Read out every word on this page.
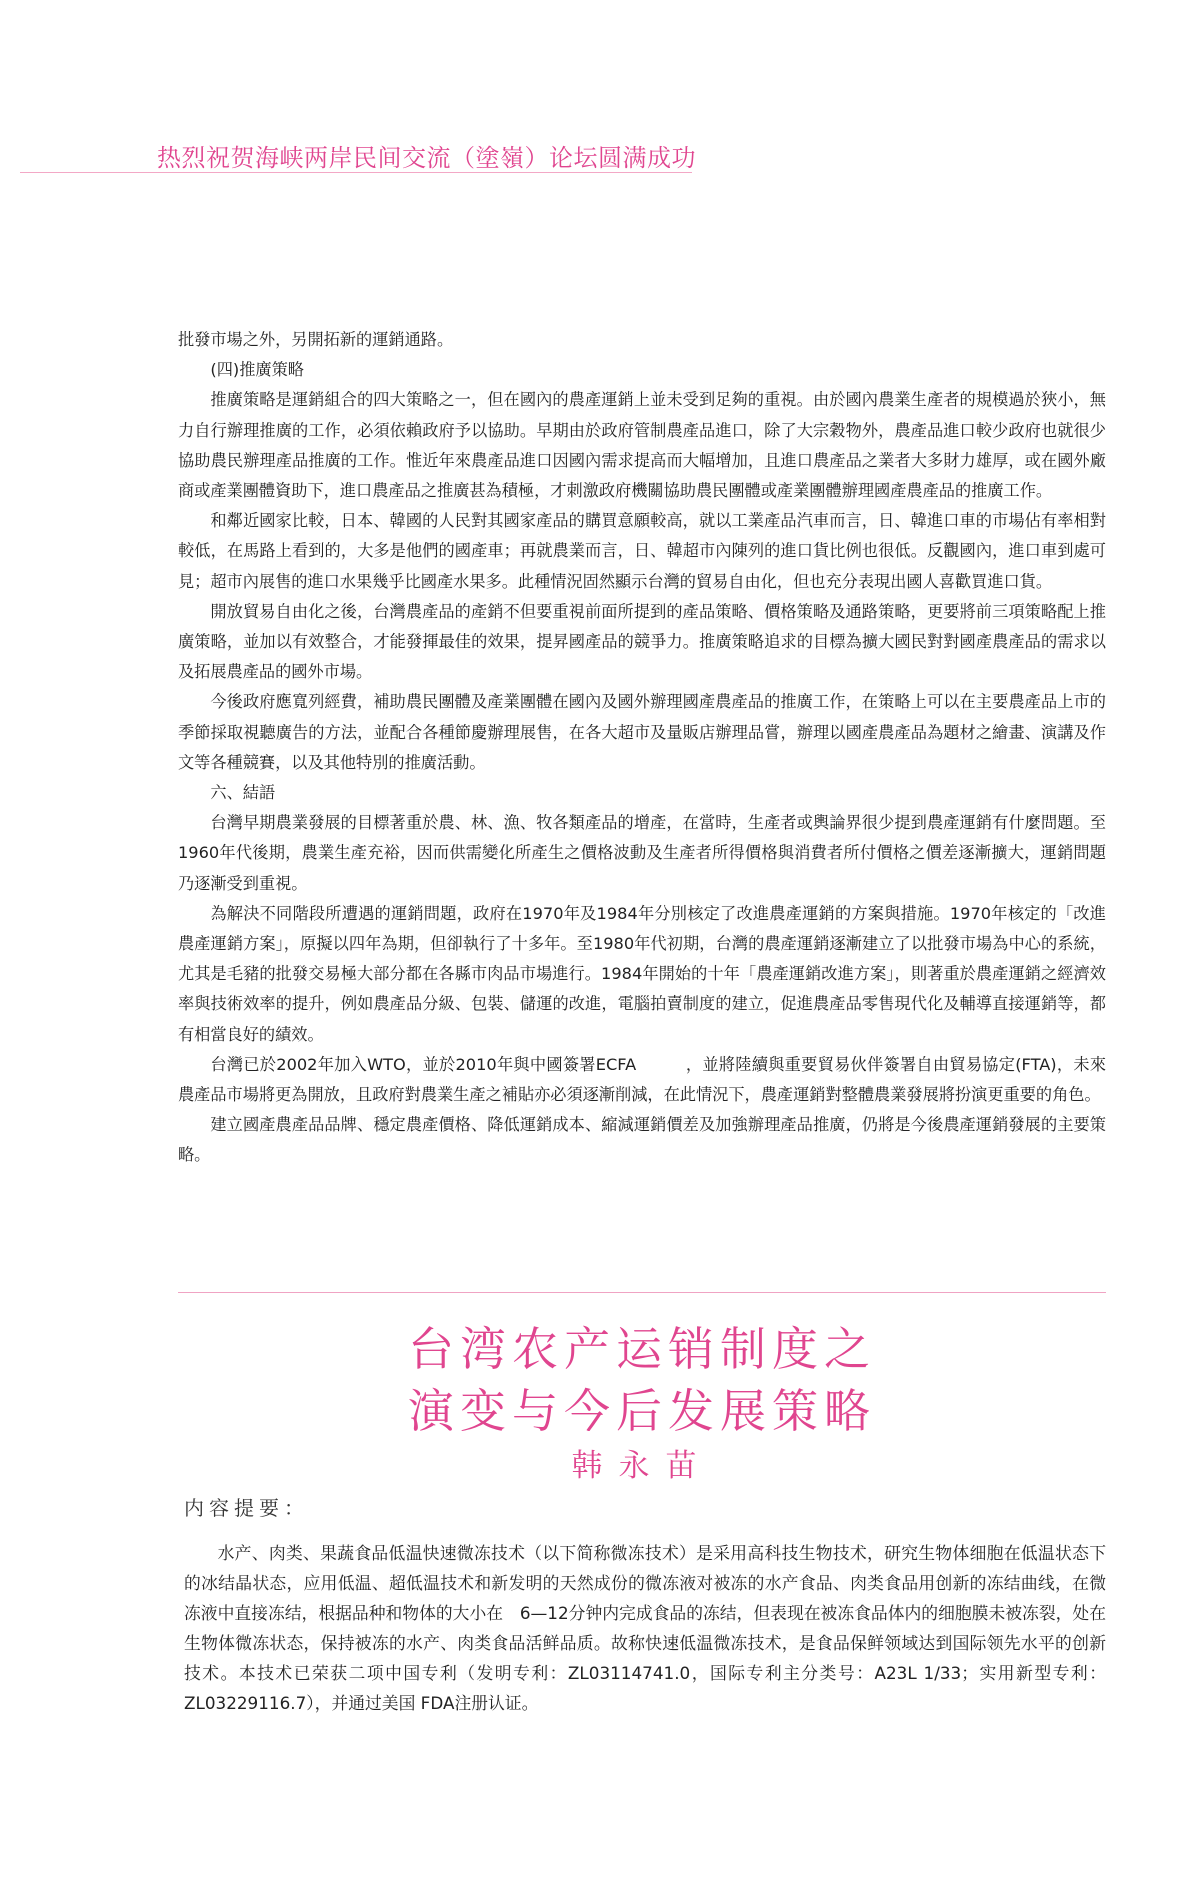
热烈祝贺海峡两岸民间交流（塗嶺）论坛圆满成功

批發市場之外，另開拓新的運銷通路。

(四)推廣策略

推廣策略是運銷組合的四大策略之一，但在國內的農產運銷上並未受到足夠的重視。由於國內農業生產者的規模過於狹小，無力自行辦理推廣的工作，必須依賴政府予以協助。早期由於政府管制農產品進口，除了大宗穀物外，農產品進口較少政府也就很少協助農民辦理產品推廣的工作。惟近年來農產品進口因國內需求提高而大幅增加，且進口農產品之業者大多財力雄厚，或在國外廠商或產業團體資助下，進口農產品之推廣甚為積極，才刺激政府機關協助農民團體或產業團體辦理國產農產品的推廣工作。

和鄰近國家比較，日本、韓國的人民對其國家產品的購買意願較高，就以工業產品汽車而言，日、韓進口車的市場佔有率相對較低，在馬路上看到的，大多是他們的國產車；再就農業而言，日、韓超市內陳列的進口貨比例也很低。反觀國內，進口車到處可見；超市內展售的進口水果幾乎比國產水果多。此種情況固然顯示台灣的貿易自由化，但也充分表現出國人喜歡買進口貨。

開放貿易自由化之後，台灣農產品的產銷不但要重視前面所提到的產品策略、價格策略及通路策略，更要將前三項策略配上推廣策略，並加以有效整合，才能發揮最佳的效果，提昇國產品的競爭力。推廣策略追求的目標為擴大國民對對國產農產品的需求以及拓展農產品的國外市場。

今後政府應寬列經費，補助農民團體及產業團體在國內及國外辦理國產農產品的推廣工作，在策略上可以在主要農產品上市的季節採取視聽廣告的方法，並配合各種節慶辦理展售，在各大超市及量販店辦理品嘗，辦理以國產農產品為題材之繪畫、演講及作文等各種競賽，以及其他特別的推廣活動。

六、結語

台灣早期農業發展的目標著重於農、林、漁、牧各類產品的增產，在當時，生產者或輿論界很少提到農產運銷有什麼問題。至1960年代後期，農業生產充裕，因而供需變化所產生之價格波動及生產者所得價格與消費者所付價格之價差逐漸擴大，運銷問題乃逐漸受到重視。

為解決不同階段所遭遇的運銷問題，政府在1970年及1984年分別核定了改進農產運銷的方案與措施。1970年核定的「改進農產運銷方案」，原擬以四年為期，但卻執行了十多年。至1980年代初期，台灣的農產運銷逐漸建立了以批發市場為中心的系統，尤其是毛豬的批發交易極大部分都在各縣市肉品市場進行。1984年開始的十年「農產運銷改進方案」，則著重於農產運銷之經濟效率與技術效率的提升，例如農產品分級、包裝、儲運的改進，電腦拍賣制度的建立，促進農產品零售現代化及輔導直接運銷等，都有相當良好的績效。

台灣已於2002年加入WTO，並於2010年與中國簽署ECFA　　　，並將陸續與重要貿易伙伴簽署自由貿易協定(FTA)，未來農產品市場將更為開放，且政府對農業生產之補貼亦必須逐漸削減，在此情況下，農產運銷對整體農業發展將扮演更重要的角色。

建立國產農產品品牌、穩定農產價格、降低運銷成本、縮減運銷價差及加強辦理產品推廣，仍將是今後農產運銷發展的主要策略。

台湾农产运销制度之
演变与今后发展策略
韩永苗
内容提要：

水产、肉类、果蔬食品低温快速微冻技术（以下简称微冻技术）是采用高科技生物技术，研究生物体细胞在低温状态下的冰结晶状态，应用低温、超低温技术和新发明的天然成份的微冻液对被冻的水产食品、肉类食品用创新的冻结曲线，在微冻液中直接冻结，根据品种和物体的大小在　6—12分钟内完成食品的冻结，但表现在被冻食品体内的细胞膜未被冻裂，处在生物体微冻状态，保持被冻的水产、肉类食品活鲜品质。故称快速低温微冻技术，是食品保鲜领域达到国际领先水平的创新技术。本技术已荣获二项中国专利（发明专利：ZL03114741.0，国际专利主分类号：A23L 1/33；实用新型专利：ZL03229116.7），并通过美国 FDA注册认证。
